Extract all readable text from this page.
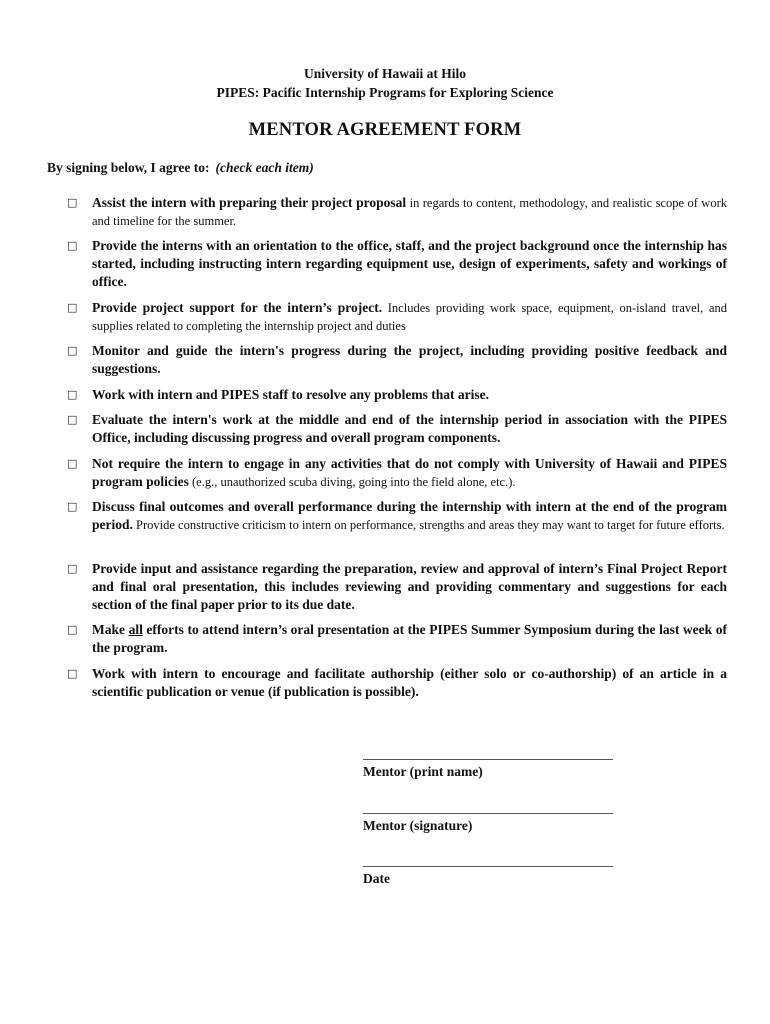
University of Hawaii at Hilo
PIPES: Pacific Internship Programs for Exploring Science
MENTOR AGREEMENT FORM
By signing below, I agree to: (check each item)
□ Assist the intern with preparing their project proposal in regards to content, methodology, and realistic scope of work and timeline for the summer.
□ Provide the interns with an orientation to the office, staff, and the project background once the internship has started, including instructing intern regarding equipment use, design of experiments, safety and workings of office.
□ Provide project support for the intern’s project. Includes providing work space, equipment, on-island travel, and supplies related to completing the internship project and duties
□ Monitor and guide the intern's progress during the project, including providing positive feedback and suggestions.
□ Work with intern and PIPES staff to resolve any problems that arise.
□ Evaluate the intern's work at the middle and end of the internship period in association with the PIPES Office, including discussing progress and overall program components.
□ Not require the intern to engage in any activities that do not comply with University of Hawaii and PIPES program policies (e.g., unauthorized scuba diving, going into the field alone, etc.).
□ Discuss final outcomes and overall performance during the internship with intern at the end of the program period. Provide constructive criticism to intern on performance, strengths and areas they may want to target for future efforts.
□ Provide input and assistance regarding the preparation, review and approval of intern’s Final Project Report and final oral presentation, this includes reviewing and providing commentary and suggestions for each section of the final paper prior to its due date.
□ Make all efforts to attend intern’s oral presentation at the PIPES Summer Symposium during the last week of the program.
□ Work with intern to encourage and facilitate authorship (either solo or co-authorship) of an article in a scientific publication or venue (if publication is possible).
Mentor (print name)
Mentor (signature)
Date
